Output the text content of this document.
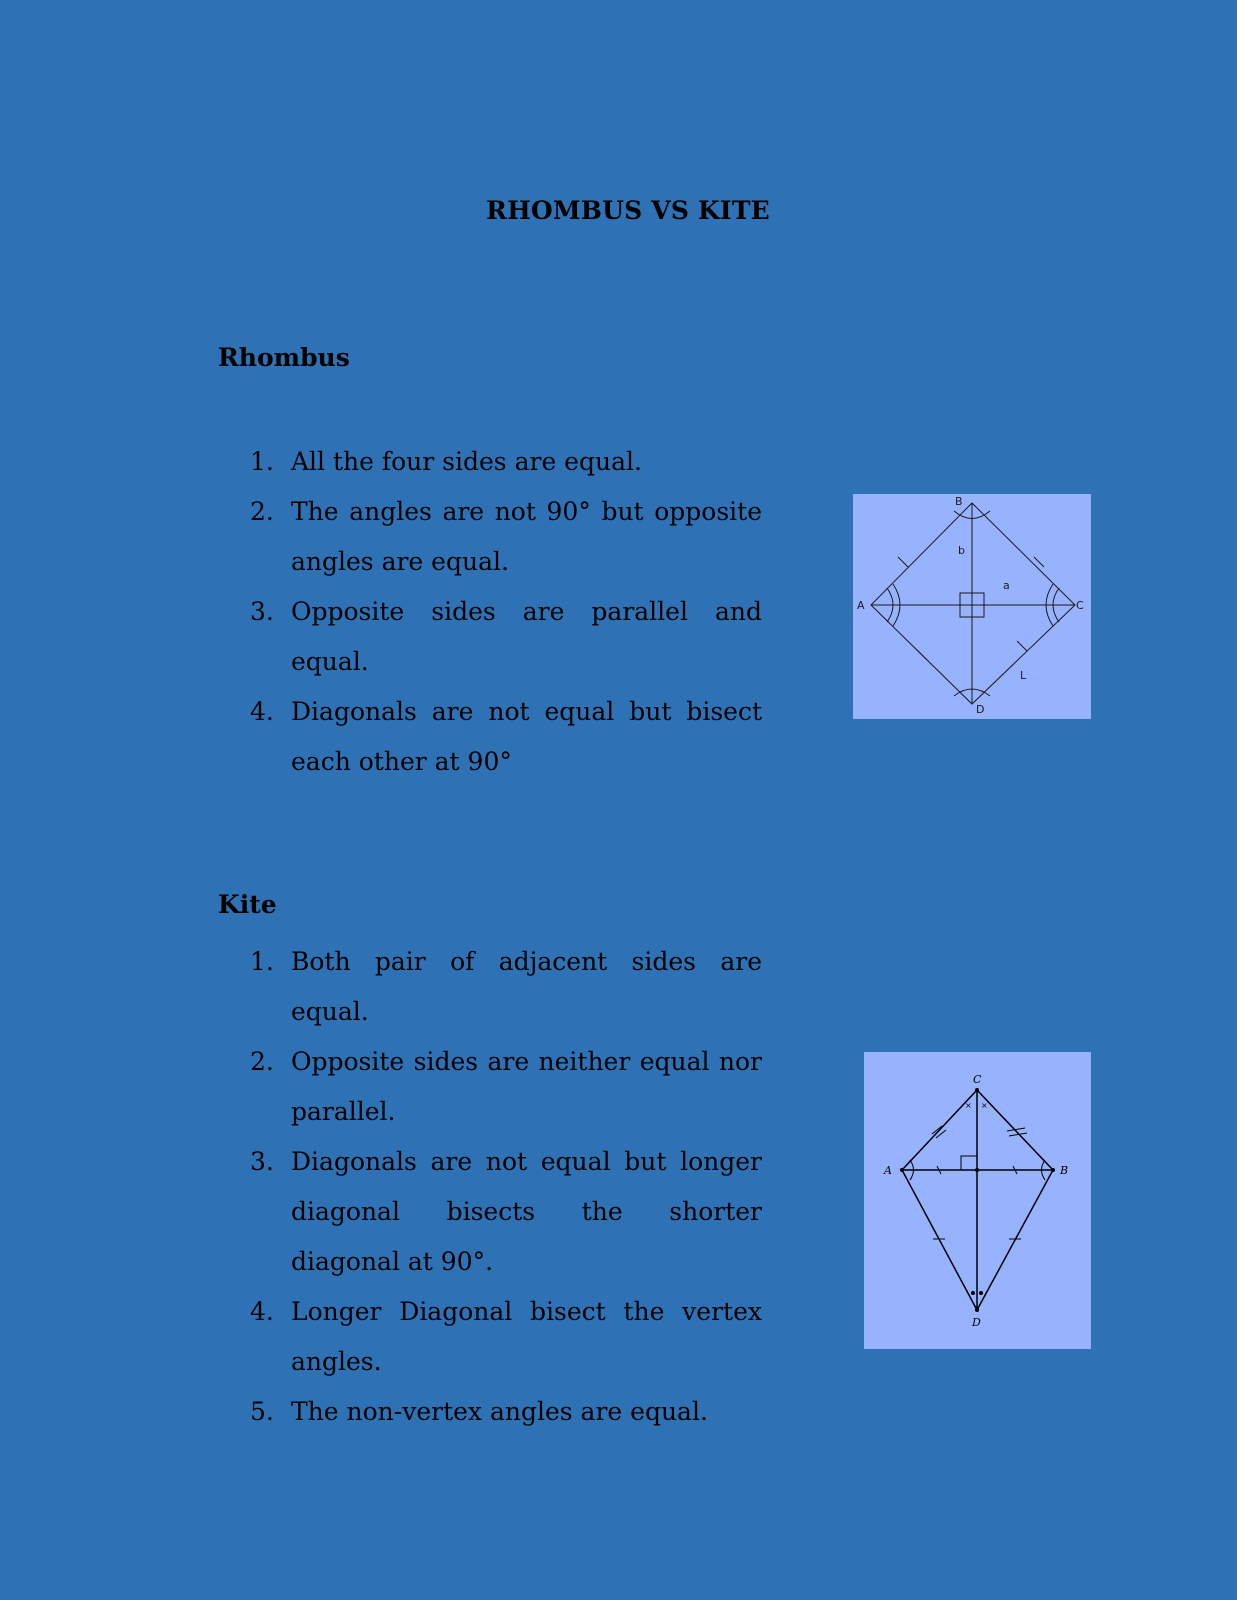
RHOMBUS VS KITE
Rhombus
1. All the four sides are equal.
2. The angles are not 90° but opposite angles are equal.
3. Opposite sides are parallel and equal.
4. Diagonals are not equal but bisect each other at 90°
B
A	C
D
b
a
L
Kite
1. Both pair of adjacent sides are equal.
2. Opposite sides are neither equal nor parallel.
3. Diagonals are not equal but longer diagonal bisects the shorter diagonal at 90°.
4. Longer Diagonal bisect the vertex angles.
5. The non-vertex angles are equal.
× ×
C
A	B
D
